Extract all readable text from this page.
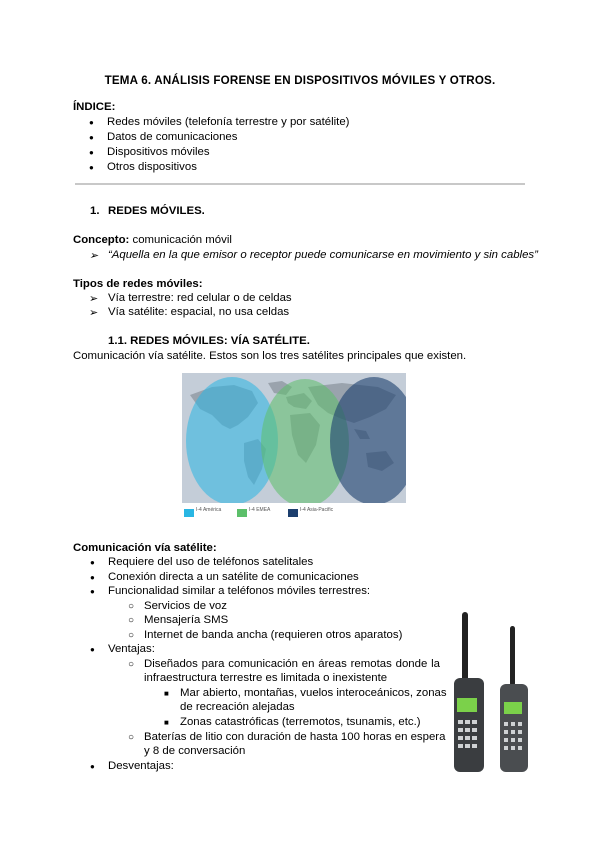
TEMA 6. ANÁLISIS FORENSE EN DISPOSITIVOS MÓVILES Y OTROS.
ÍNDICE:
● Redes móviles (telefonía terrestre y por satélite)
● Datos de comunicaciones
● Dispositivos móviles
● Otros dispositivos
1. REDES MÓVILES.
Concepto: comunicación móvil
➢ “Aquella en la que emisor o receptor puede comunicarse en movimiento y sin cables”
Tipos de redes móviles:
➢ Vía terrestre: red celular o de celdas
➢ Vía satélite: espacial, no usa celdas
1.1. REDES MÓVILES: VÍA SATÉLITE.
Comunicación vía satélite. Estos son los tres satélites principales que existen.
I-4 América	I-4 EMEA	I-4 Asia-Pacific
Comunicación vía satélite:
● Requiere del uso de teléfonos satelitales
● Conexión directa a un satélite de comunicaciones
● Funcionalidad similar a teléfonos móviles terrestres:
○ Servicios de voz
○ Mensajería SMS
○ Internet de banda ancha (requieren otros aparatos)
● Ventajas:
○ Diseñados para comunicación en áreas remotas donde la
infraestructura terrestre es limitada o inexistente
■ Mar abierto, montañas, vuelos interoceánicos, zonas
de recreación alejadas
■ Zonas catastróficas (terremotos, tsunamis, etc.)
○ Baterías de litio con duración de hasta 100 horas en espera
y 8 de conversación
● Desventajas:
